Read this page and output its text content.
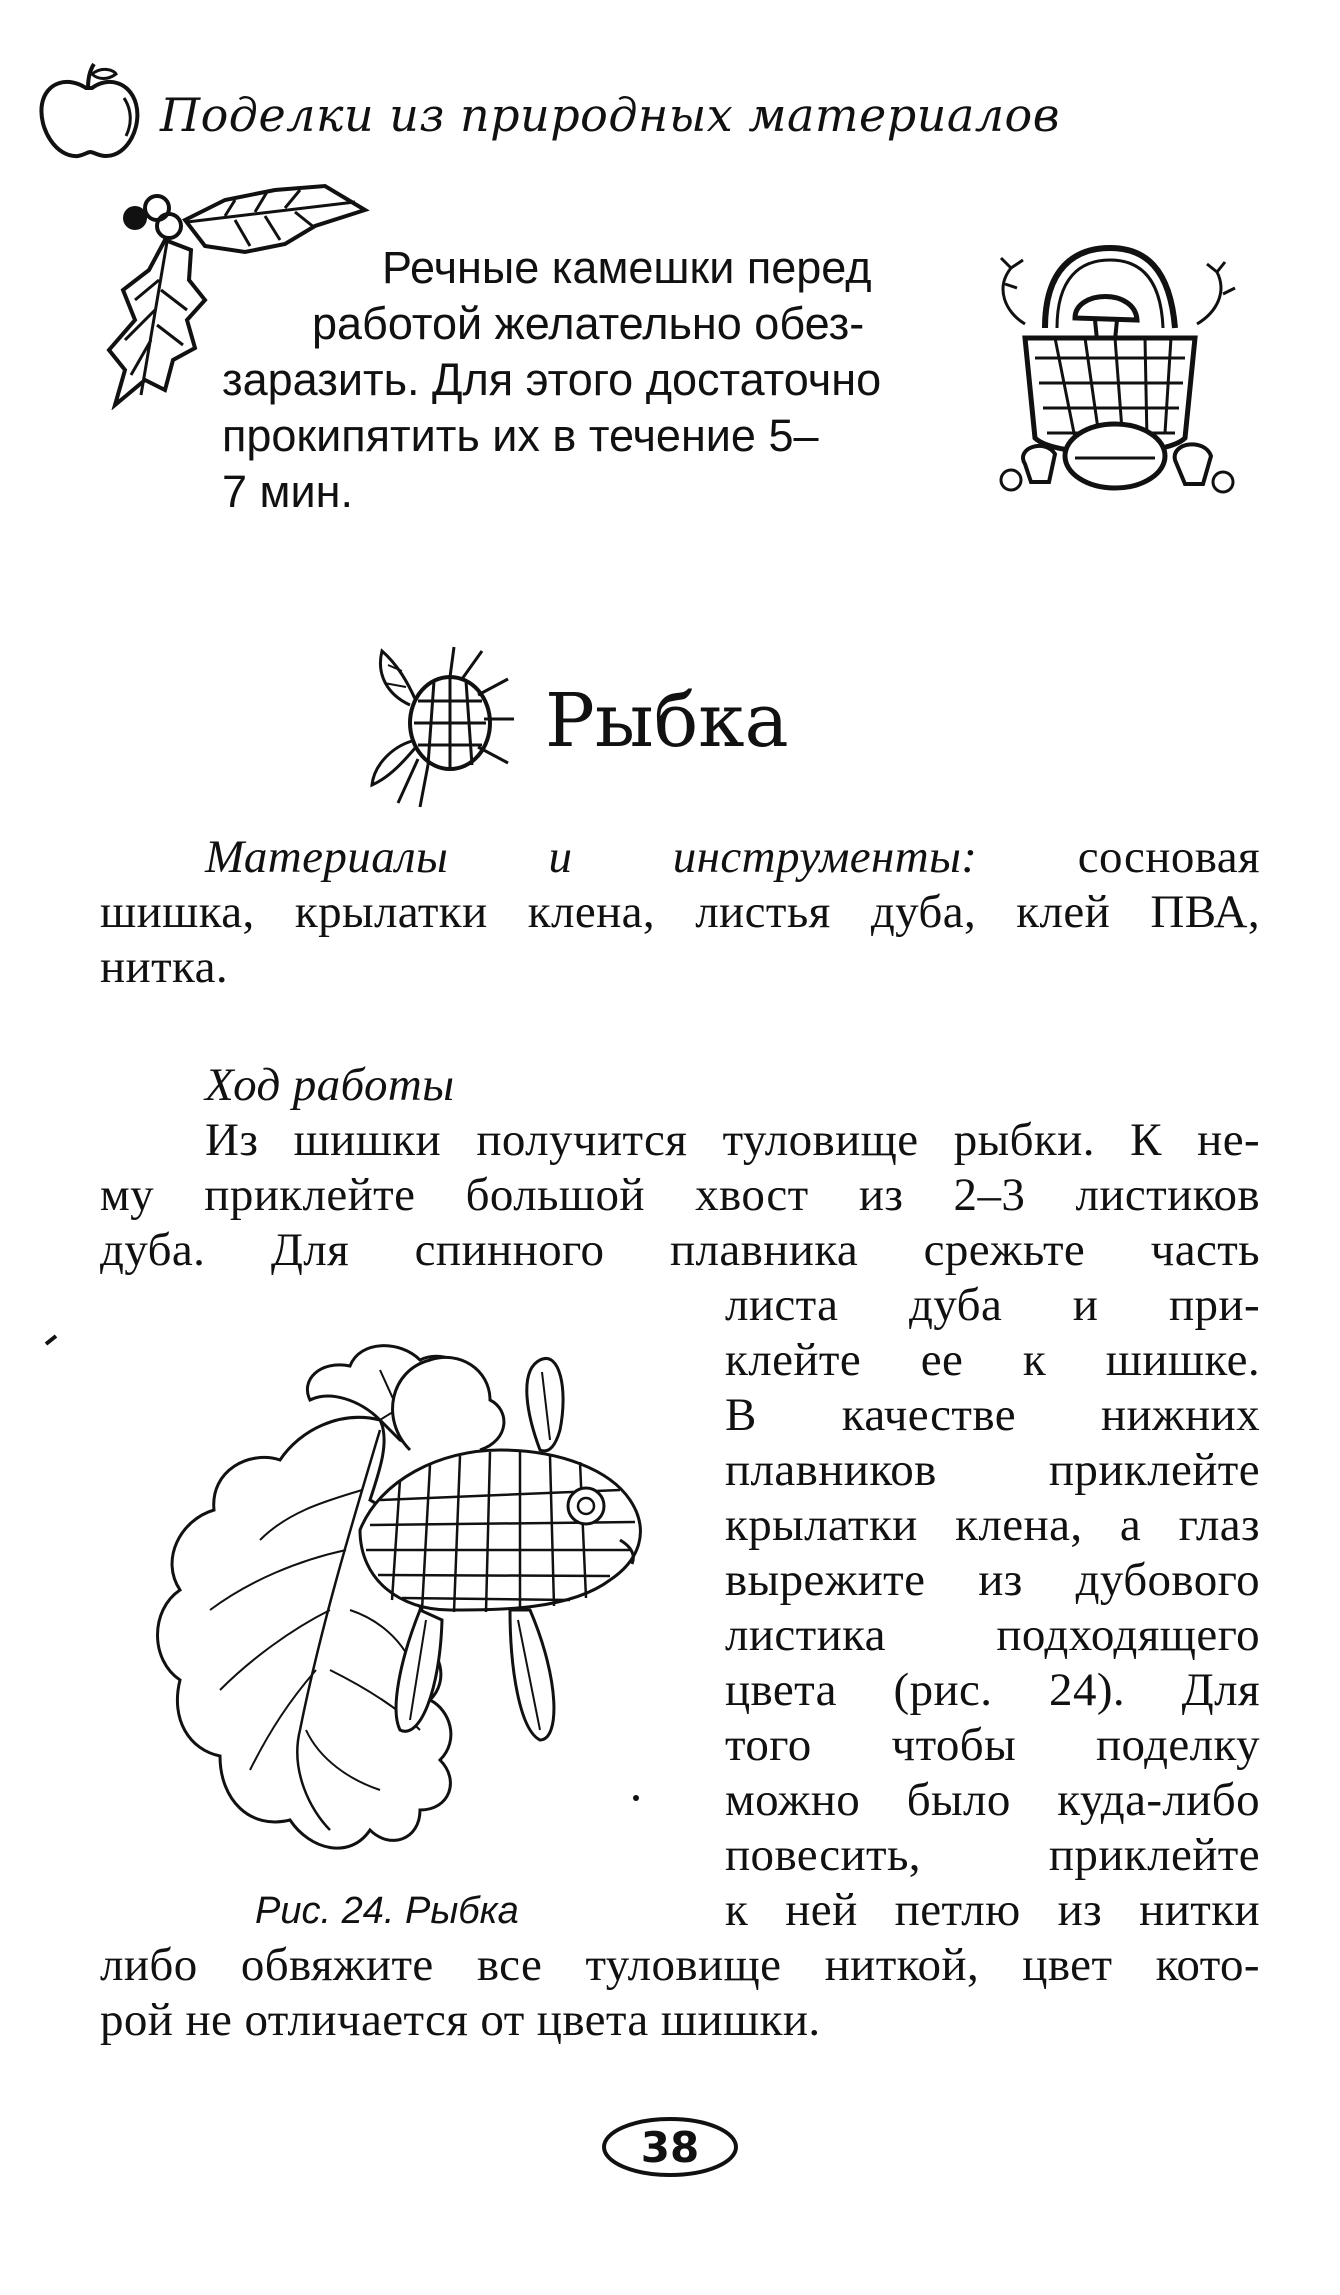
Поделки из природных материалов
Речные камешки перед
работой желательно обез-
заразить. Для этого достаточно
прокипятить их в течение 5–
7 мин.
Рыбка
Материалы и инструменты: сосновая
шишка, крылатки клена, листья дуба, клей ПВА,
нитка.
Ход работы
Из шишки получится туловище рыбки. К не-
му приклейте большой хвост из 2–3 листиков
дуба. Для спинного плавника срежьте часть
листа дуба и при-
клейте ее к шишке.
В качестве нижних
плавников приклейте
крылатки клена, а глаз
вырежите из дубового
листика подходящего
цвета (рис. 24). Для
того чтобы поделку
можно было куда-либо
повесить, приклейте
к ней петлю из нитки
либо обвяжите все туловище ниткой, цвет кото-
рой не отличается от цвета шишки.
Рис. 24. Рыбка
38
